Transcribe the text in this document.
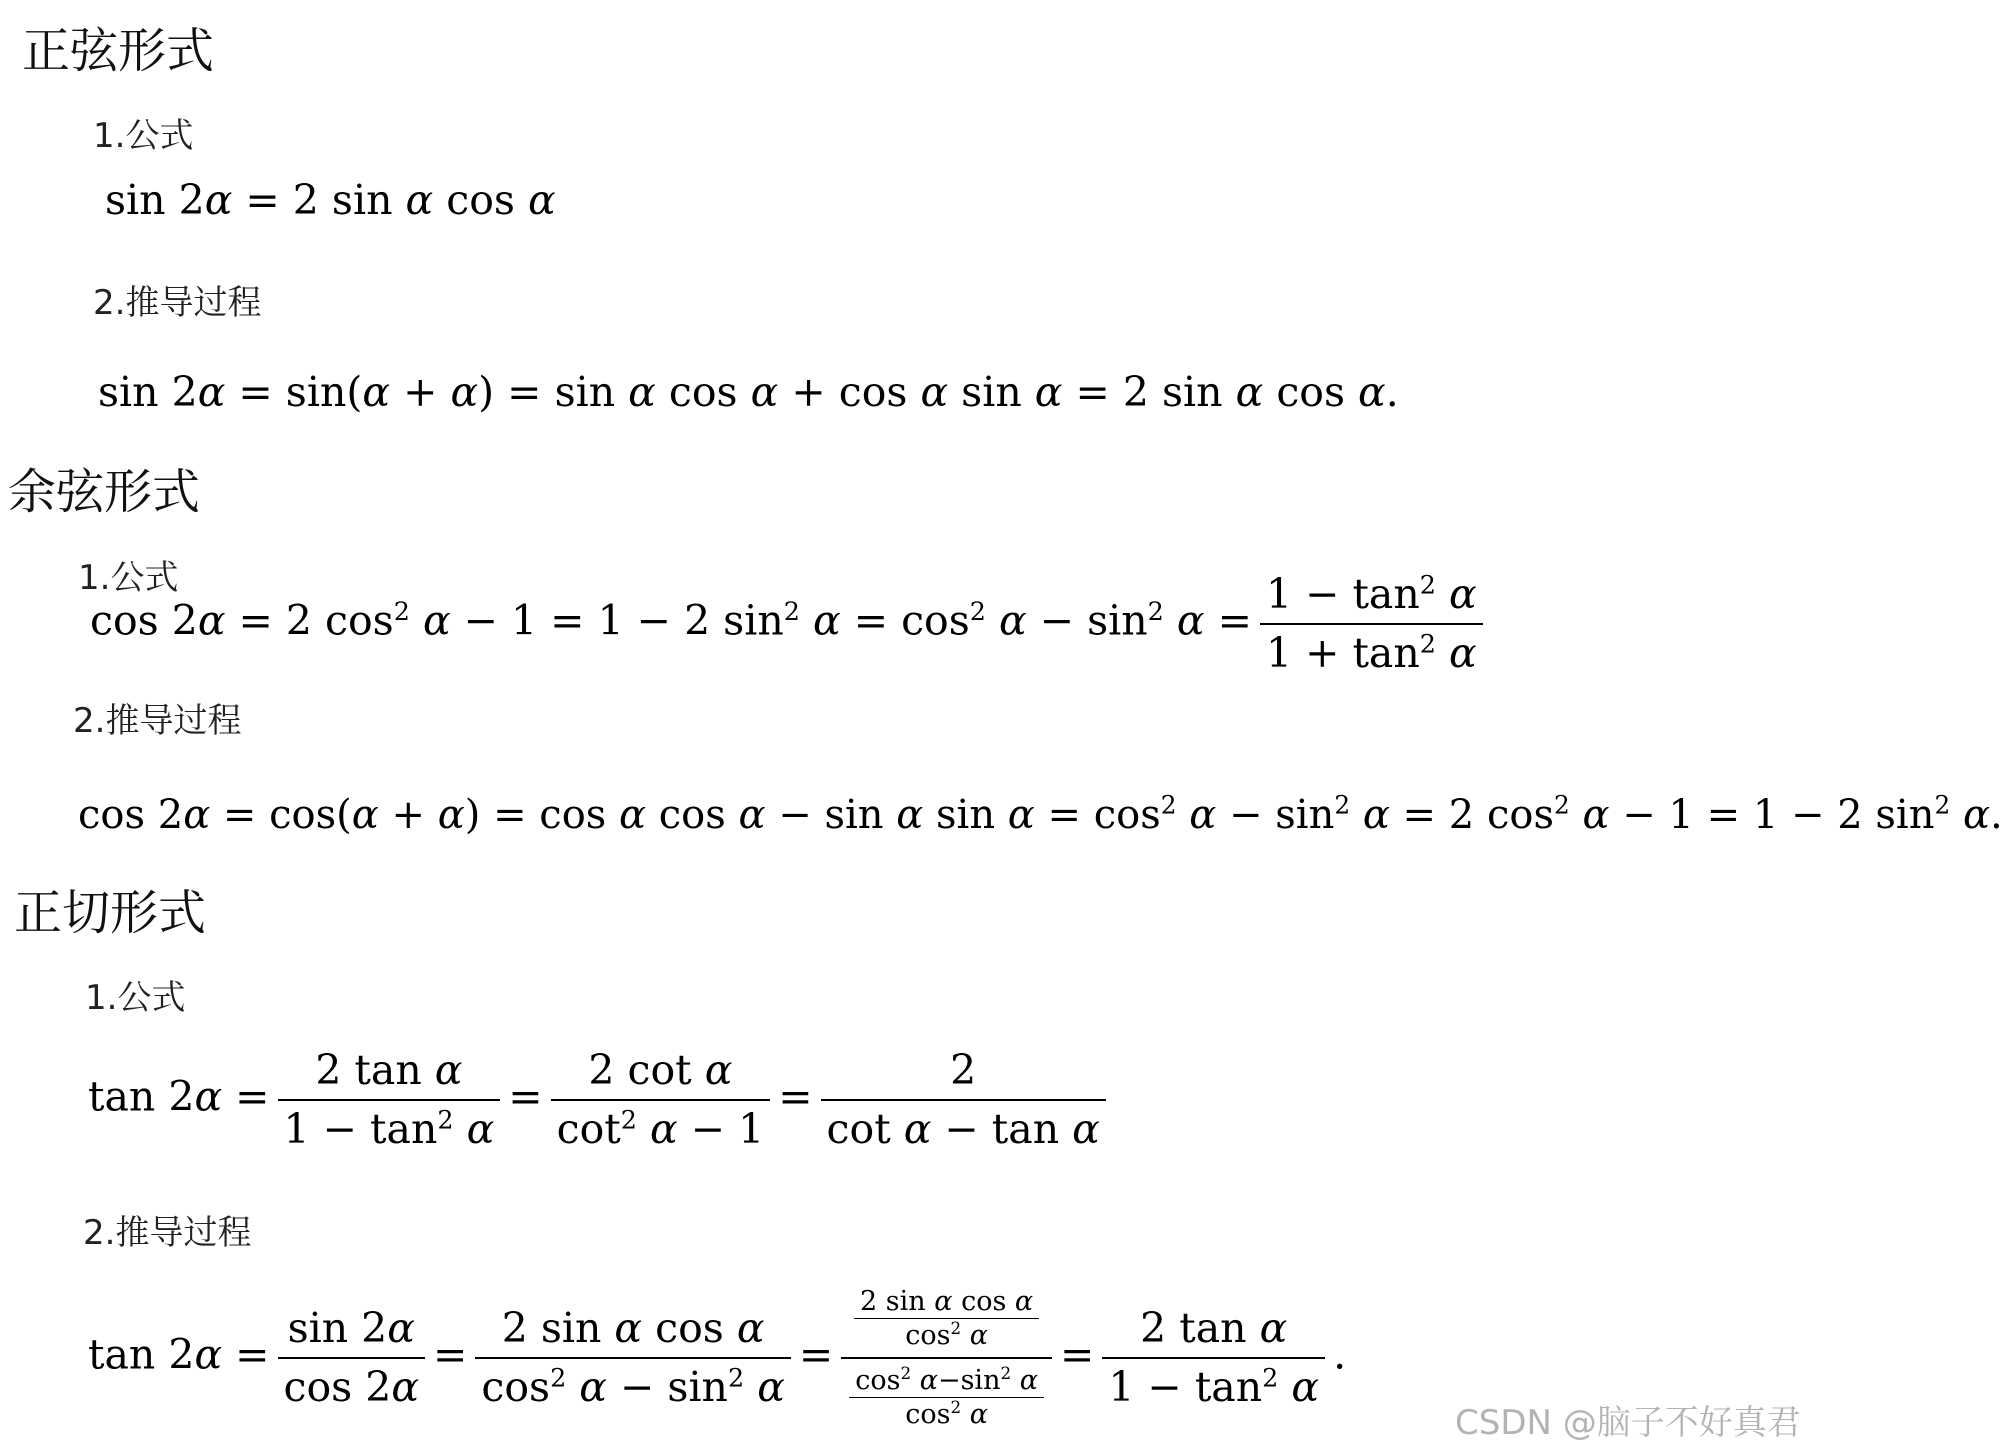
正弦形式
1.公式
sin 2α = 2 sin α cos α
2.推导过程
sin 2α = sin(α + α) = sin α cos α + cos α sin α = 2 sin α cos α.
余弦形式
1.公式
cos 2α = 2 $\cos^2 \alpha - 1 = 1 - 2$ $\sin^2 \alpha = \cos^2 \alpha - \sin^2 \alpha = \frac{1 - \tan^2 \alpha}{1 + \tan^2 \alpha}$
2.推导过程
cos 2α = cos(α + α) = cos α cos α − sin α $\sin \alpha = \cos^2 \alpha - \sin^2 \alpha = 2$ $\cos^2 \alpha - 1 = 1 - 2$ $\sin^2 \alpha$.
正切形式
1.公式
$\tan 2\alpha = \frac{\text{2 tan α}}{1 - \tan^2 \alpha} = \frac{\text{2 cot α}}{\cot^2 \alpha - 1} = \frac{2}{\text{cot α − tan α}}$
2.推导过程
$\tan 2\alpha = \frac{\sin 2\alpha}{\cos 2\alpha} = \frac{\text{2 sin α cos α}}{\cos^2 \alpha - \sin^2 \alpha} = \frac{\frac{\text{2 sin α cos α}}{\cos^2 \alpha}}{\frac{\cos^2 \alpha-\sin^2 \alpha}{\cos^2 \alpha}} = \frac{\text{2 tan α}}{1 - \tan^2 \alpha}$ .
CSDN @脑子不好真君
